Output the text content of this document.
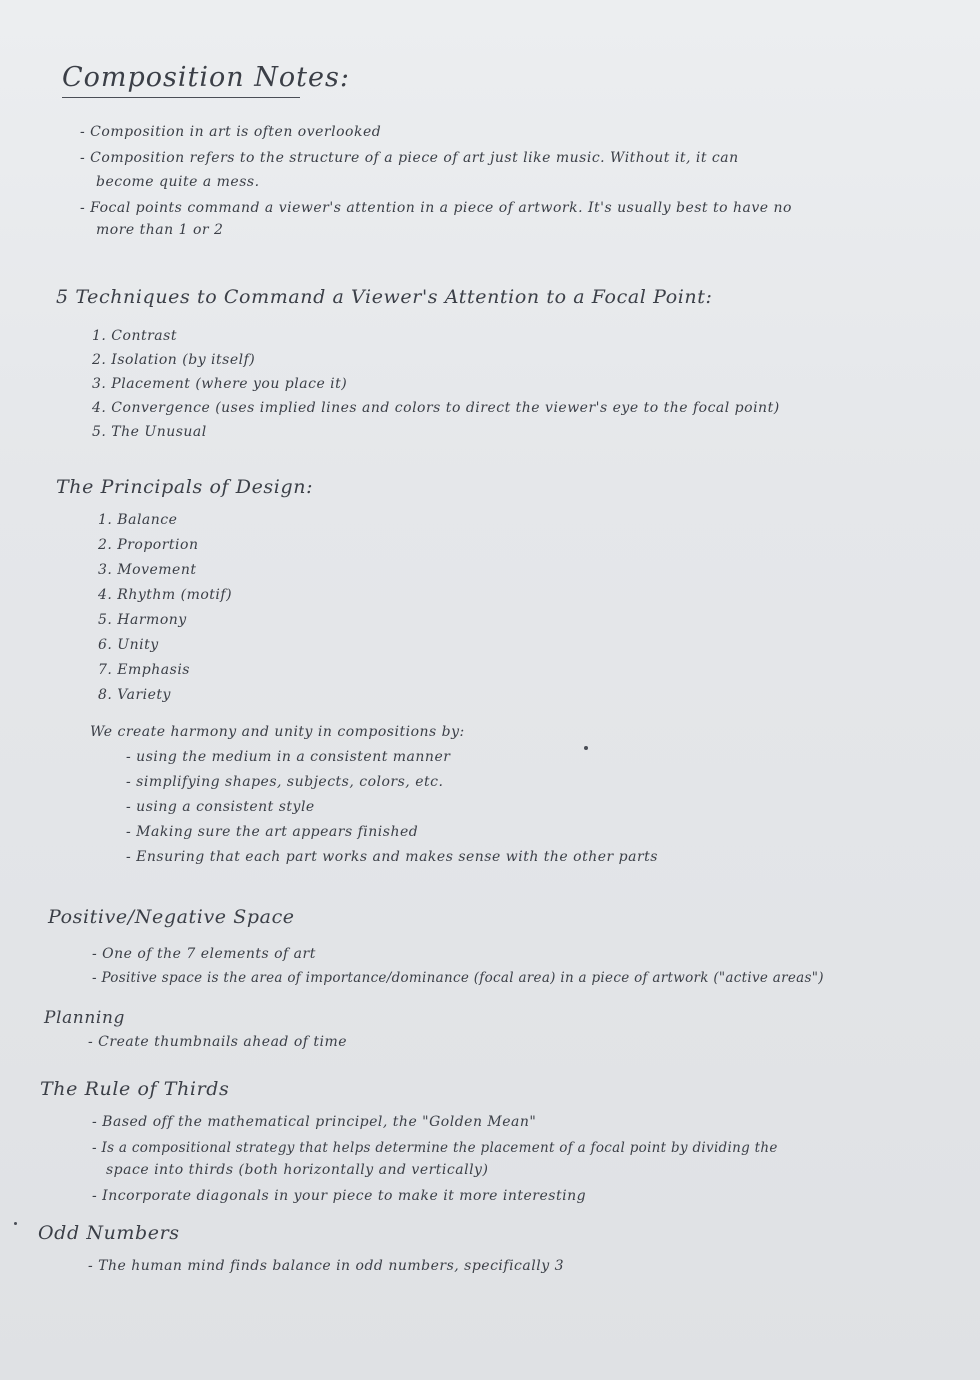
Composition Notes:
- Composition in art is often overlooked
- Composition refers to the structure of a piece of art just like music. Without it, it can
become quite a mess.
- Focal points command a viewer's attention in a piece of artwork. It's usually best to have no
more than 1 or 2
5 Techniques to Command a Viewer's Attention to a Focal Point:
1. Contrast
2. Isolation (by itself)
3. Placement (where you place it)
4. Convergence (uses implied lines and colors to direct the viewer's eye to the focal point)
5. The Unusual
The Principals of Design:
1. Balance
2. Proportion
3. Movement
4. Rhythm (motif)
5. Harmony
6. Unity
7. Emphasis
8. Variety
We create harmony and unity in compositions by:
- using the medium in a consistent manner
- simplifying shapes, subjects, colors, etc.
- using a consistent style
- Making sure the art appears finished
- Ensuring that each part works and makes sense with the other parts
Positive/Negative Space
- One of the 7 elements of art
- Positive space is the area of importance/dominance (focal area) in a piece of artwork ("active areas")
Planning
- Create thumbnails ahead of time
The Rule of Thirds
- Based off the mathematical principel, the "Golden Mean"
- Is a compositional strategy that helps determine the placement of a focal point by dividing the
space into thirds (both horizontally and vertically)
- Incorporate diagonals in your piece to make it more interesting
Odd Numbers
- The human mind finds balance in odd numbers, specifically 3
